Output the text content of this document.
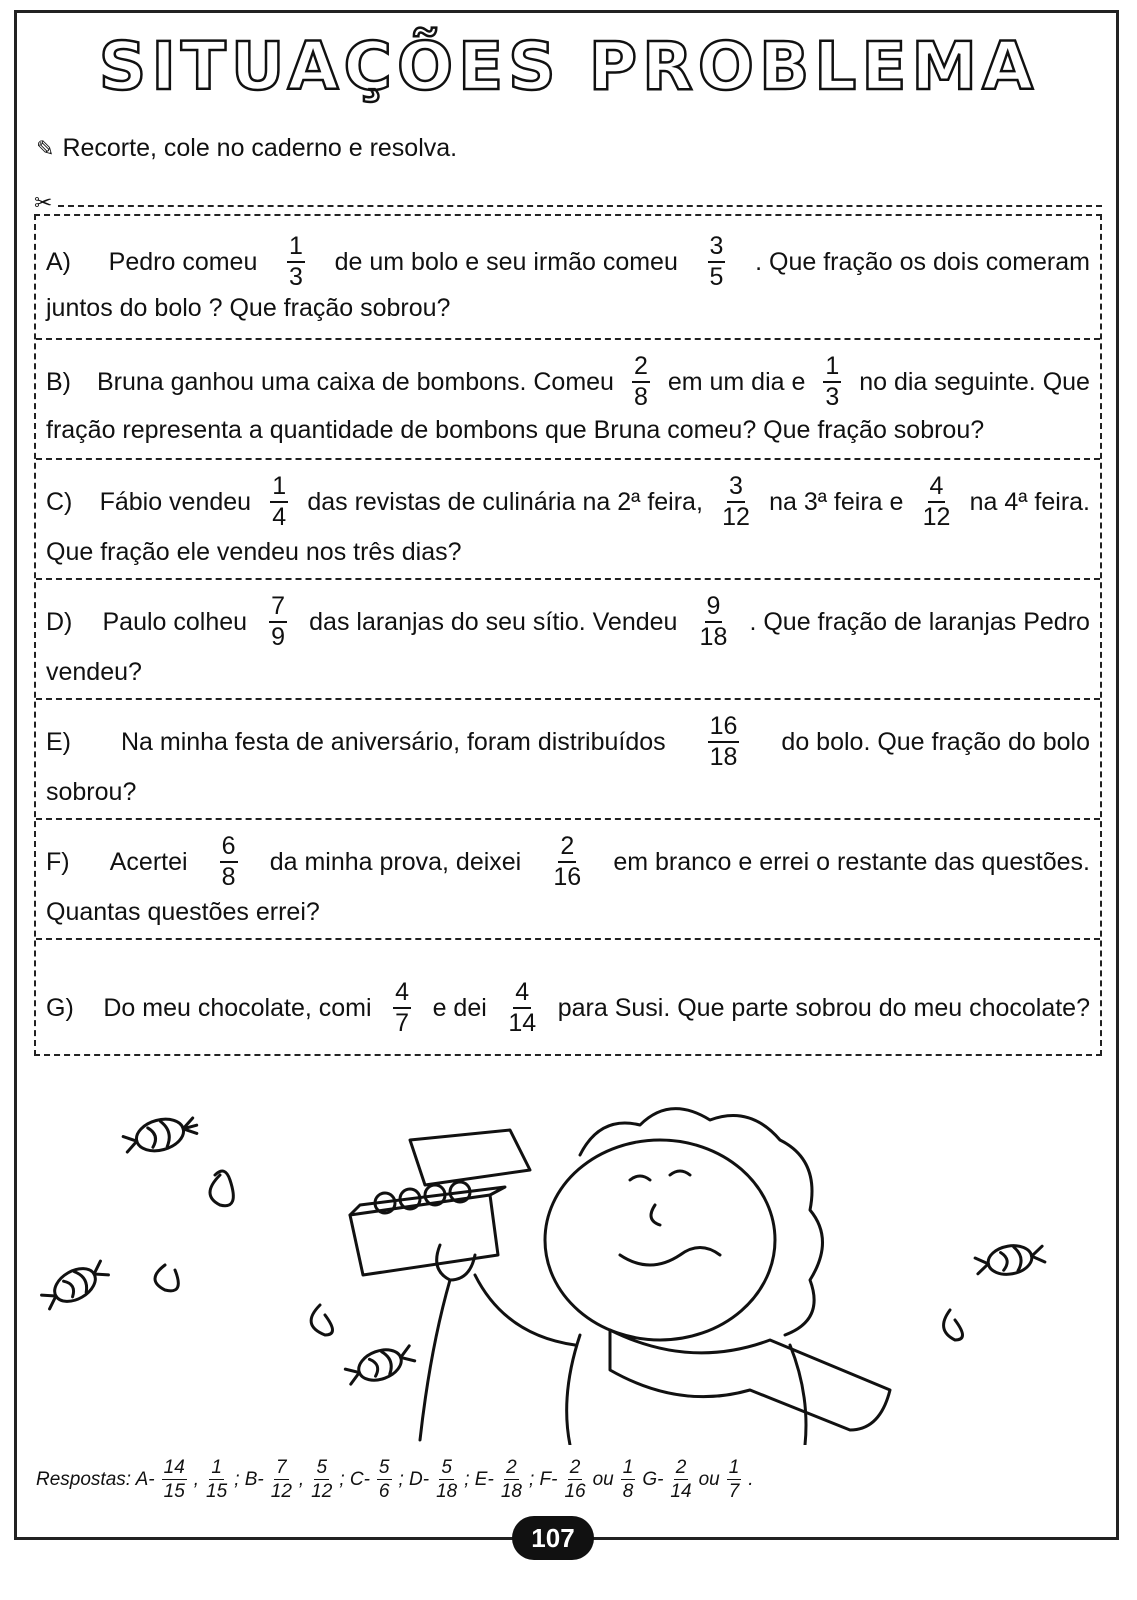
SITUAÇÕES PROBLEMA
✎ Recorte, cole no caderno e resolva.
✂
A) Pedro comeu $\frac{1}{3}$ de um bolo e seu irmão comeu $\frac{3}{5}$ . Que fração os dois comeram
juntos do bolo ? Que fração sobrou?
B) Bruna ganhou uma caixa de bombons. Comeu $\frac{2}{8}$ em um dia e $\frac{1}{3}$ no dia seguinte. Que
fração representa a quantidade de bombons que Bruna comeu? Que fração sobrou?
C) Fábio vendeu $\frac{1}{4}$ das revistas de culinária na 2ª feira, $\frac{3}{12}$ na 3ª feira e $\frac{4}{12}$ na 4ª feira.
Que fração ele vendeu nos três dias?
D) Paulo colheu $\frac{7}{9}$ das laranjas do seu sítio. Vendeu $\frac{9}{18}$ . Que fração de laranjas Pedro
vendeu?
E) Na minha festa de aniversário, foram distribuídos $\frac{16}{18}$ do bolo. Que fração do bolo
sobrou?
F) Acertei $\frac{6}{8}$ da minha prova, deixei $\frac{2}{16}$ em branco e errei o restante das questões.
Quantas questões errei?
G) Do meu chocolate, comi $\frac{4}{7}$ e dei $\frac{4}{14}$ para Susi. Que parte sobrou do meu chocolate?
Respostas: $A- \frac{14}{15}$ , $\frac{1}{15}$ ; $B- \frac{7}{12}$ , $\frac{5}{12}$ ; $C- \frac{5}{6}$ ; $D- \frac{5}{18}$ ; $E- \frac{2}{18}$ ; $F- \frac{2}{16}$ ou $\frac{1}{8} G- \frac{2}{14}$ ou $\frac{1}{7}$ .
107
